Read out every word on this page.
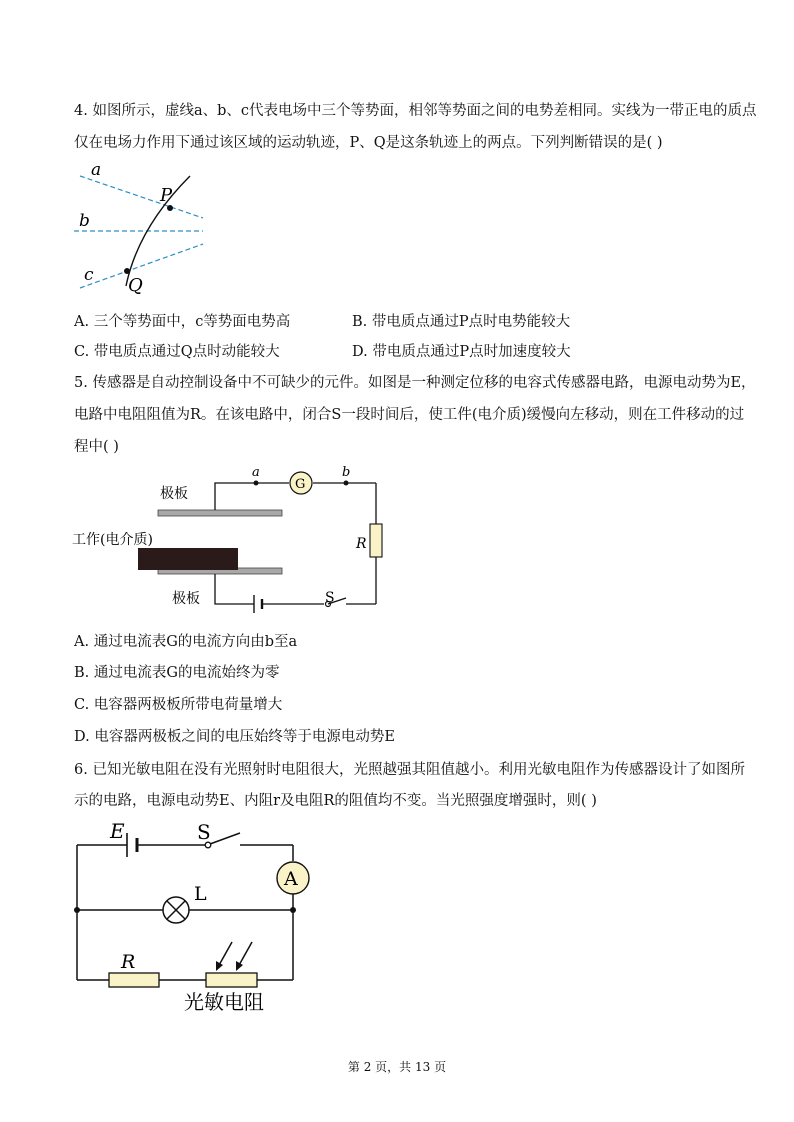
4. 如图所示，虚线a、b、c代表电场中三个等势面，相邻等势面之间的电势差相同。实线为一带正电的质点
仅在电场力作用下通过该区域的运动轨迹，P、Q是这条轨迹上的两点。下列判断错误的是( )
a
b
c
P
Q
A. 三个等势面中，c等势面电势高	B. 带电质点通过P点时电势能较大
C. 带电质点通过Q点时动能较大	D. 带电质点通过P点时加速度较大
5. 传感器是自动控制设备中不可缺少的元件。如图是一种测定位移的电容式传感器电路，电源电动势为E，
电路中电阻阻值为R。在该电路中，闭合S一段时间后，使工件(电介质)缓慢向左移动，则在工件移动的过
程中( )
G
R
a	b
S
极板
极板
工作(电介质)
A. 通过电流表G的电流方向由b至a
B. 通过电流表G的电流始终为零
C. 电容器两极板所带电荷量增大
D. 电容器两极板之间的电压始终等于电源电动势E
6. 已知光敏电阻在没有光照射时电阻很大，光照越强其阻值越小。利用光敏电阻作为传感器设计了如图所
示的电路，电源电动势E、内阻r及电阻R的阻值均不变。当光照强度增强时，则( )
A
L
R
光敏电阻
E	S
第 2 页，共 13 页
